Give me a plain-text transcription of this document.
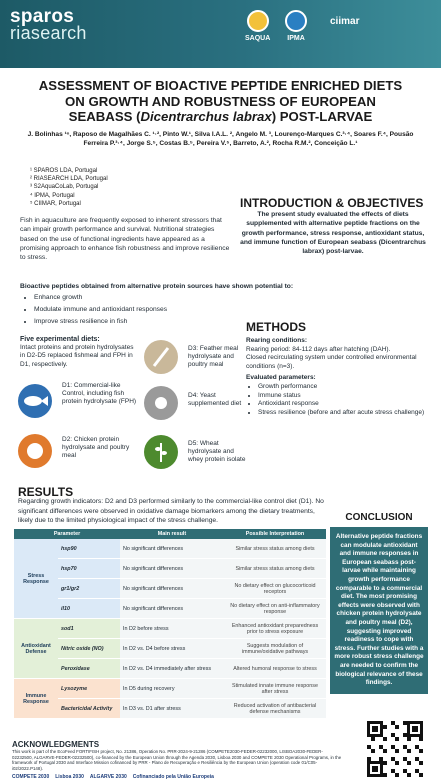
sparos
riasearch	SAQUA	IPMA
ciimar
ASSESSMENT OF BIOACTIVE PEPTIDE ENRICHED DIETS
ON GROWTH AND ROBUSTNESS OF EUROPEAN
SEABASS (Dicentrarchus labrax) POST-LARVAE
J. Bolinhas ¹ⁿ, Raposo de Magalhães C. ¹·², Pinto W.¹, Silva I.A.L. ², Angelo M. ³, Lourenço-Marques C.³·⁴, Soares F.⁴, Pousão Ferreira P.³·⁴, Jorge S.⁵, Costas B.⁵, Pereira V.⁵, Barreto, A.², Rocha R.M.², Conceição L.¹
¹ SPAROS LDA, Portugal
² RIASEARCH LDA, Portugal
³ S2AquaCoLab, Portugal
⁴ IPMA, Portugal
⁵ CIIMAR, Portugal	INTRODUCTION & OBJECTIVES
The present study evaluated the effects of diets supplemented with alternative peptide fractions on the growth performance, stress response, antioxidant status, and immune function of European seabass (Dicentrarchus labrax) post-larvae.
Fish in aquaculture are frequently exposed to inherent stressors that can impair growth performance and survival. Nutritional strategies based on the use of functional ingredients have appeared as a promising approach to enhance fish robustness and improve resilience to stress.
Bioactive peptides obtained from alternative protein sources have shown potential to:
• Enhance growth
• Modulate immune and antioxidant responses
• Improve stress resilience in fish
Five experimental diets:
Intact proteins and protein hydrolysates in D2-D5 replaced fishmeal and FPH in D1, respectively.
D1: Commercial-like Control, including fish protein hydrolysate (FPH)
D2: Chicken protein hydrolysate and poultry meal
D3: Feather meal hydrolysate and poultry meal
D4: Yeast supplemented diet
D5: Wheat hydrolysate and whey protein isolate
METHODS
Rearing conditions:
Rearing period: 84-112 days after hatching (DAH).
Closed recirculating system under controlled environmental conditions (n=3).
Evaluated parameters:
• Growth performance
• Immune status
• Antioxidant response
• Stress resilience (before and after acute stress challenge)
RESULTS
Regarding growth indicators: D2 and D3 performed similarly to the commercial-like control diet (D1). No significant differences were observed in oxidative damage biomarkers among the dietary treatments, likely due to the limited physiological impact of the stress challenge.
Parameter		Main result	Possible Interpretation
Stress Response	hsp90	No significant differences	Similar stress status among diets
	hsp70	No significant differences	Similar stress status among diets
	gr1/gr2	No significant differences	No dietary effect on glucocorticoid receptors
	il10	No significant differences	No dietary effect on anti-inflammatory response
Antioxidant Defense	sod1	In D2 before stress	Enhanced antioxidant preparedness prior to stress exposure
	Nitric oxide (NO)	In D2 vs. D4 before stress	Suggests modulation of immune/oxidative pathways
	Peroxidase	In D2 vs. D4 immediately after stress	Altered humoral response to stress
Immune Response	Lysozyme	In D5 during recovery	Stimulated innate immune response after stress
	Bactericidal Activity	In D3 vs. D1 after stress	Reduced activation of antibacterial defense mechanisms
CONCLUSION
Alternative peptide fractions can modulate antioxidant and immune responses in European seabass post-larvae while maintaining growth performance comparable to a commercial diet. The most promising effects were observed with chicken protein hydrolysate and poultry meal (D2), suggesting improved readiness to cope with stress. Further studies with a more robust stress challenge are needed to confirm the biological relevance of these findings.
ACKNOWLEDGMENTS
This work is part of the EcoFeed FORTIFISH project, No. 21386, Operation No. PRR-2024-9-21286 (COMPETE2030-FEDER-02232000, LISBOA2030-FEDER-02232500, ALGARVE-FEDER-02232500), co-financed by the European Union through the Agenda 2030, Lisboa 2030 and COMPETE 2030 Operational Programs, in the framework of Portugal 2030 and Interface Mission cofinanced by PRR - Plano de Recuperação e Resiliência by the European Union (operation code 01/C05-i02/2022.P148).
COMPETE 2030 Lisboa 2030 ALGARVE 2030 Cofinanciado pela União Europeia
